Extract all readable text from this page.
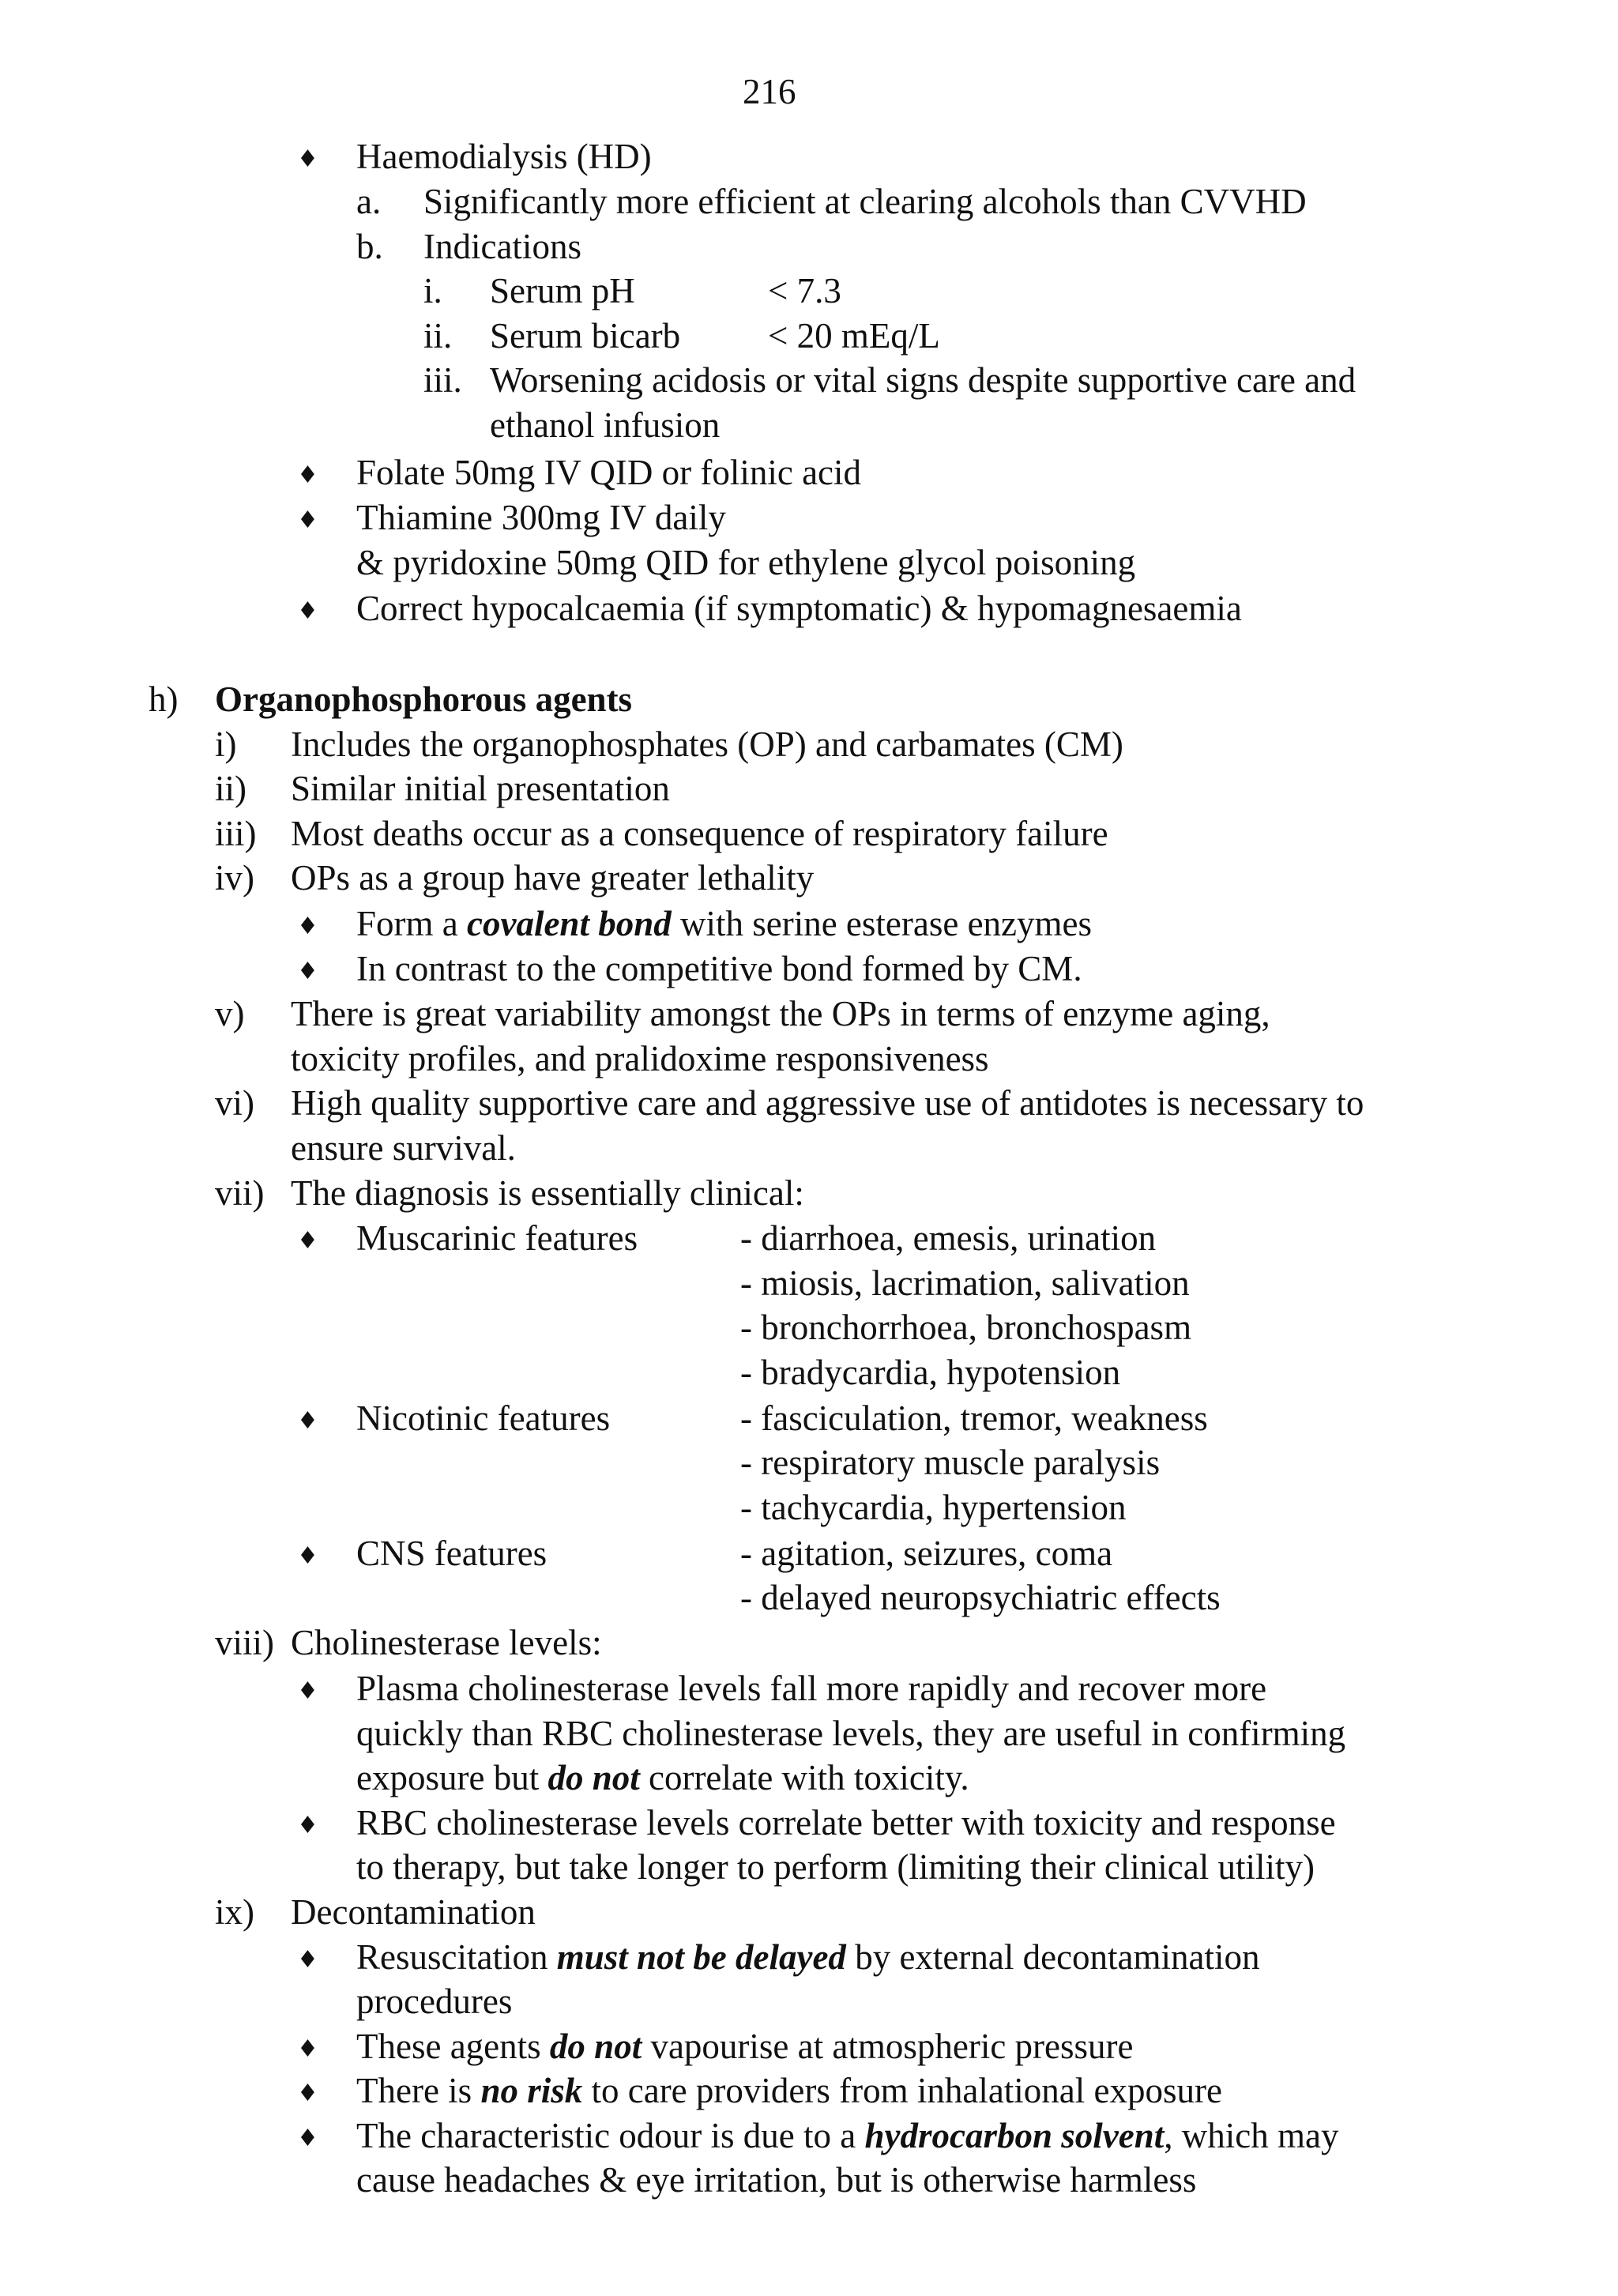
216
♦ Haemodialysis (HD)
a. Significantly more efficient at clearing alcohols than CVVHD
b. Indications
i. Serum pH	< 7.3
ii. Serum bicarb < 20 mEq/L
iii. Worsening acidosis or vital signs despite supportive care and
ethanol infusion
♦ Folate 50mg IV QID or folinic acid
♦ Thiamine 300mg IV daily
& pyridoxine 50mg QID for ethylene glycol poisoning
♦ Correct hypocalcaemia (if symptomatic) & hypomagnesaemia
h) Organophosphorous agents
i) Includes the organophosphates (OP) and carbamates (CM)
ii) Similar initial presentation
iii) Most deaths occur as a consequence of respiratory failure
iv) OPs as a group have greater lethality
♦ Form a covalent bond with serine esterase enzymes
♦ In contrast to the competitive bond formed by CM.
v) There is great variability amongst the OPs in terms of enzyme aging,
toxicity profiles, and pralidoxime responsiveness
vi) High quality supportive care and aggressive use of antidotes is necessary to
ensure survival.
vii) The diagnosis is essentially clinical:
♦ Muscarinic features	- diarrhoea, emesis, urination
- miosis, lacrimation, salivation
- bronchorrhoea, bronchospasm
- bradycardia, hypotension
♦ Nicotinic features	- fasciculation, tremor, weakness
- respiratory muscle paralysis
- tachycardia, hypertension
♦ CNS features	- agitation, seizures, coma
- delayed neuropsychiatric effects
viii) Cholinesterase levels:
♦ Plasma cholinesterase levels fall more rapidly and recover more
quickly than RBC cholinesterase levels, they are useful in confirming
exposure but do not correlate with toxicity.
♦ RBC cholinesterase levels correlate better with toxicity and response
to therapy, but take longer to perform (limiting their clinical utility)
ix) Decontamination
♦ Resuscitation must not be delayed by external decontamination
procedures
♦ These agents do not vapourise at atmospheric pressure
♦ There is no risk to care providers from inhalational exposure
♦ The characteristic odour is due to a hydrocarbon solvent, which may
cause headaches & eye irritation, but is otherwise harmless
